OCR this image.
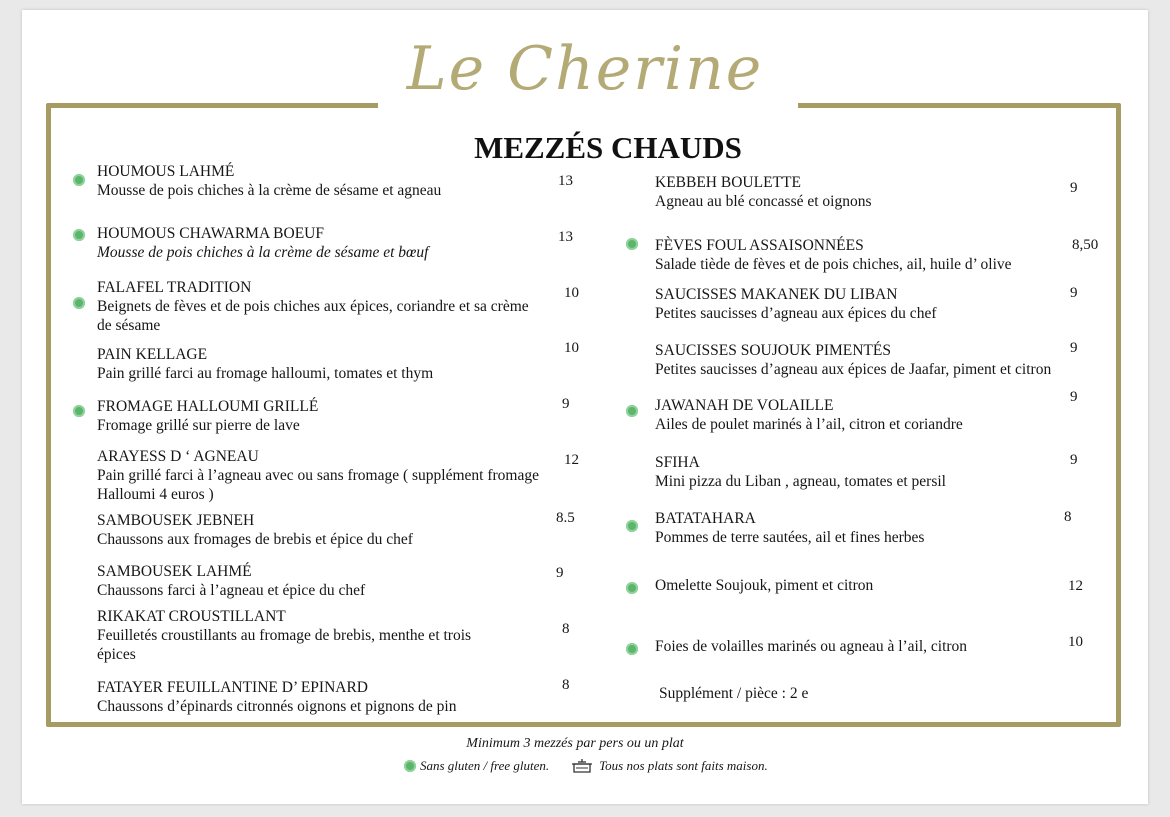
Le Cherine
MEZZÉS CHAUDS
HOUMOUS LAHMÉ
Mousse de pois chiches à la crème de sésame et agneau
13
HOUMOUS CHAWARMA BOEUF
Mousse de pois chiches à la crème de sésame et bœuf
13
FALAFEL TRADITION
Beignets de fèves et de pois chiches aux épices, coriandre et sa crème de sésame
10
PAIN KELLAGE
Pain grillé farci au fromage halloumi, tomates et thym
10
FROMAGE HALLOUMI GRILLÉ
Fromage grillé sur pierre de lave
9
ARAYESS D ‘ AGNEAU
Pain grillé farci à l’agneau avec ou sans fromage ( supplément fromage Halloumi 4 euros )
12
SAMBOUSEK JEBNEH
Chaussons aux fromages de brebis et épice du chef
8.5
SAMBOUSEK LAHMÉ
Chaussons farci à l’agneau et épice du chef
9
RIKAKAT CROUSTILLANT
Feuilletés croustillants au fromage de brebis, menthe et trois épices
8
FATAYER FEUILLANTINE D’ EPINARD
Chaussons d’épinards citronnés oignons et pignons de pin
8
KEBBEH BOULETTE
Agneau au blé concassé et oignons
9
FÈVES FOUL ASSAISONNÉES
Salade tiède de fèves et de pois chiches, ail, huile d’ olive
8,50
SAUCISSES MAKANEK DU LIBAN
Petites saucisses d’agneau aux épices du chef
9
SAUCISSES SOUJOUK PIMENTÉS
Petites saucisses d’agneau aux épices de Jaafar, piment et citron
9
JAWANAH DE VOLAILLE
Ailes de poulet marinés à l’ail, citron et coriandre
9
SFIHA
Mini pizza du Liban , agneau, tomates et persil
9
BATATAHARA
Pommes de terre sautées, ail et fines herbes
8
Omelette Soujouk, piment et citron	12
Foies de volailles marinés ou agneau à l’ail, citron	10
Supplément / pièce : 2 e
Minimum 3 mezzés par pers ou un plat
Sans gluten / free gluten.	Tous nos plats sont faits maison.
